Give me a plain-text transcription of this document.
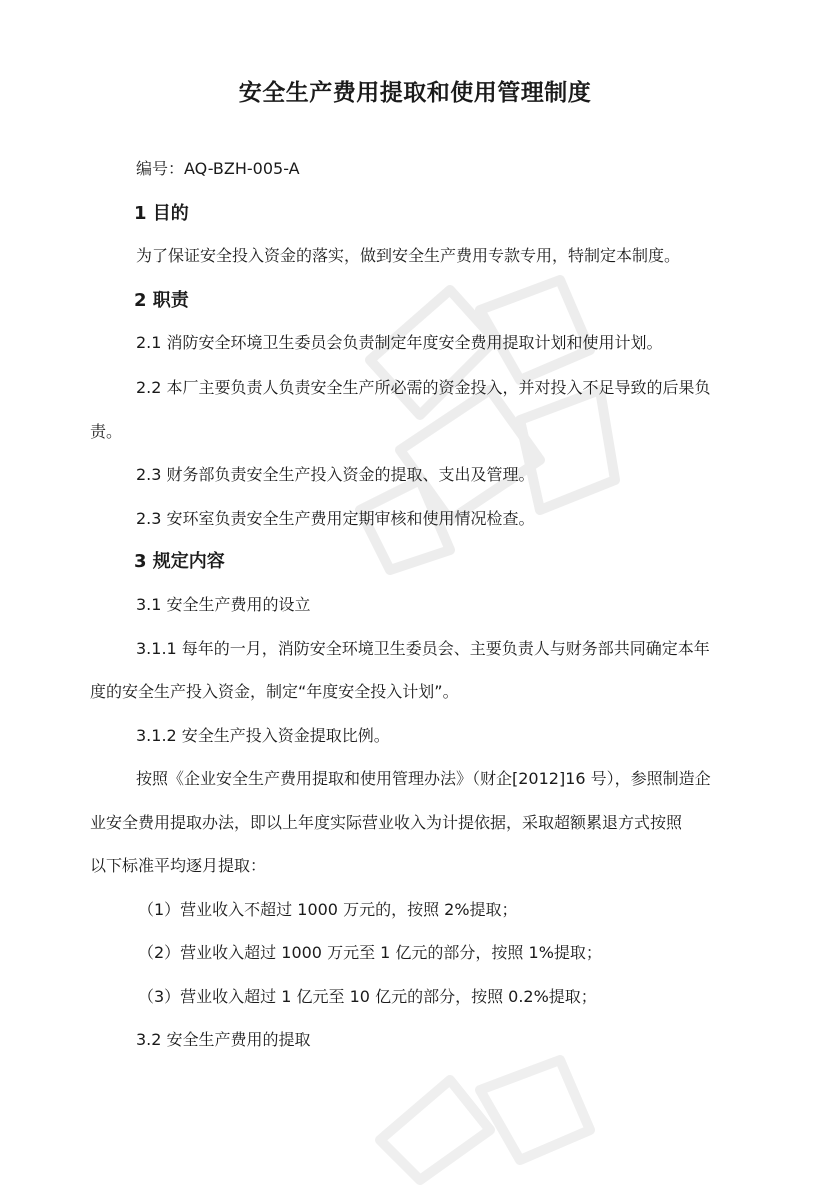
安全生产费用提取和使用管理制度
编号：AQ-BZH-005-A
1 目的
为了保证安全投入资金的落实，做到安全生产费用专款专用，特制定本制度。
2 职责
2.1 消防安全环境卫生委员会负责制定年度安全费用提取计划和使用计划。
2.2 本厂主要负责人负责安全生产所必需的资金投入，并对投入不足导致的后果负
责。
2.3 财务部负责安全生产投入资金的提取、支出及管理。
2.3 安环室负责安全生产费用定期审核和使用情况检查。
3 规定内容
3.1 安全生产费用的设立
3.1.1 每年的一月，消防安全环境卫生委员会、主要负责人与财务部共同确定本年
度的安全生产投入资金，制定“年度安全投入计划”。
3.1.2 安全生产投入资金提取比例。
按照《企业安全生产费用提取和使用管理办法》（财企[2012]16 号），参照制造企
业安全费用提取办法，即以上年度实际营业收入为计提依据，采取超额累退方式按照
以下标准平均逐月提取：
（1）营业收入不超过 1000 万元的，按照 2%提取；
（2）营业收入超过 1000 万元至 1 亿元的部分，按照 1%提取；
（3）营业收入超过 1 亿元至 10 亿元的部分，按照 0.2%提取；
3.2 安全生产费用的提取
